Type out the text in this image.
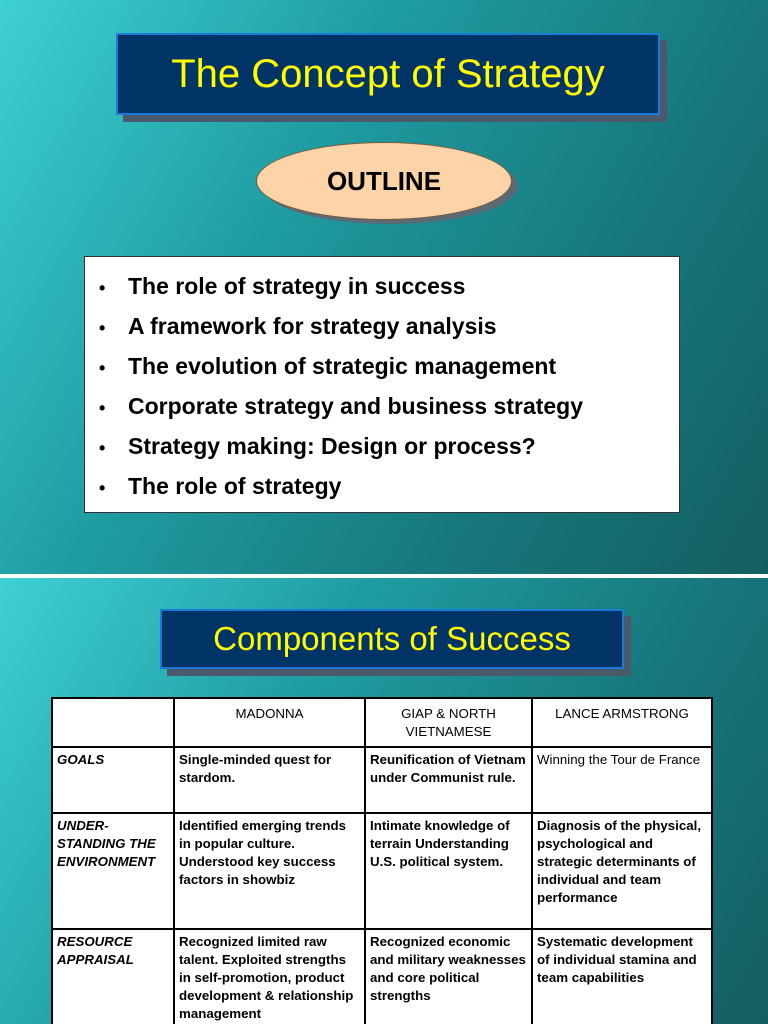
The Concept of Strategy
OUTLINE
• The role of strategy in success
• A framework for strategy analysis
• The evolution of strategic management
• Corporate strategy and business strategy
• Strategy making: Design or process?
• The role of strategy
Components of Success
	MADONNA	GIAP & NORTH VIETNAMESE	LANCE ARMSTRONG
GOALS	Single-minded quest for stardom.	Reunification of Vietnam under Communist rule.	Winning the Tour de France
UNDER-STANDING THE ENVIRONMENT	Identified emerging trends in popular culture. Understood key success factors in showbiz	Intimate knowledge of terrain Understanding U.S. political system.	Diagnosis of the physical, psychological and strategic determinants of individual and team performance
RESOURCE APPRAISAL	Recognized limited raw talent. Exploited strengths in self-promotion, product development & relationship management	Recognized economic and military weaknesses and core political strengths	Systematic development of individual stamina and team capabilities
